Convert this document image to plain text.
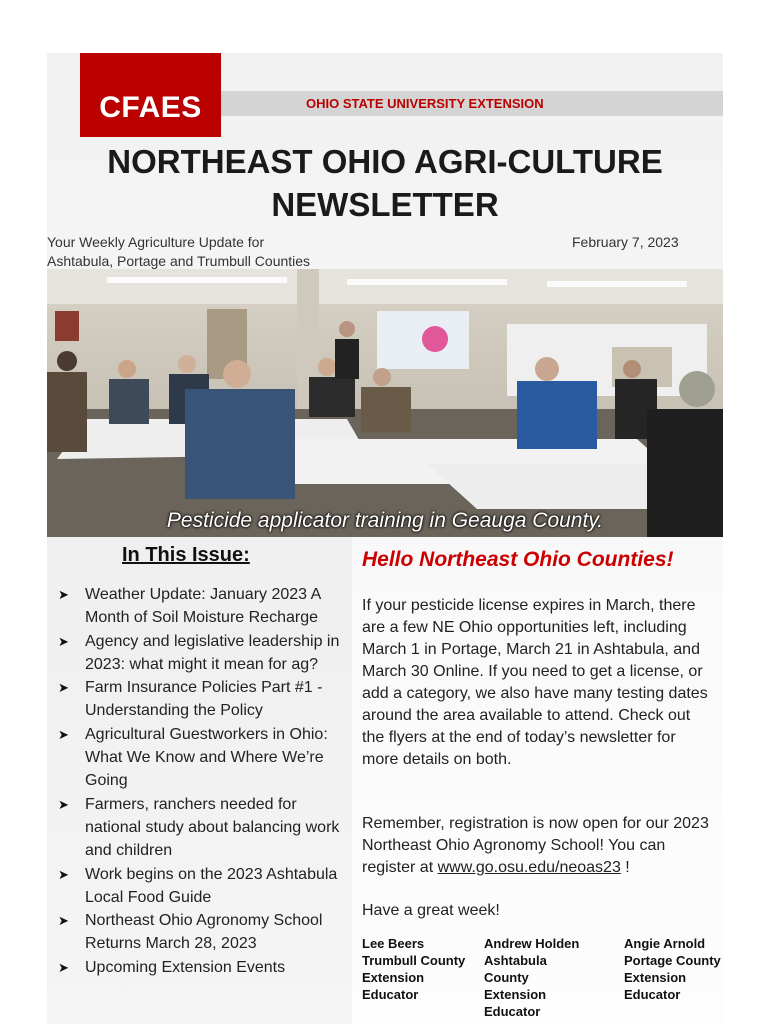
CFAES	OHIO STATE UNIVERSITY EXTENSION
NORTHEAST OHIO AGRI-CULTURE
NEWSLETTER
Your Weekly Agriculture Update for
Ashtabula, Portage and Trumbull Counties
February 7, 2023
Pesticide applicator training in Geauga County.
In This Issue:
➤ Weather Update: January 2023 A Month of Soil Moisture Recharge
➤ Agency and legislative leadership in 2023: what might it mean for ag?
➤ Farm Insurance Policies Part #1 - Understanding the Policy
➤ Agricultural Guestworkers in Ohio: What We Know and Where We’re Going
➤ Farmers, ranchers needed for national study about balancing work and children
➤ Work begins on the 2023 Ashtabula Local Food Guide
➤ Northeast Ohio Agronomy School Returns March 28, 2023
➤ Upcoming Extension Events
Hello Northeast Ohio Counties!

If your pesticide license expires in March, there are a few NE Ohio opportunities left, including March 1 in Portage, March 21 in Ashtabula, and March 30 Online. If you need to get a license, or add a category, we also have many testing dates around the area available to attend. Check out the flyers at the end of today’s newsletter for more details on both.

Remember, registration is now open for our 2023 Northeast Ohio Agronomy School! You can register at www.go.osu.edu/neoas23 !

Have a great week!

Lee Beers
Trumbull County
Extension
Educator
Andrew Holden
Ashtabula
County
Extension
Educator
Angie Arnold
Portage County
Extension
Educator
